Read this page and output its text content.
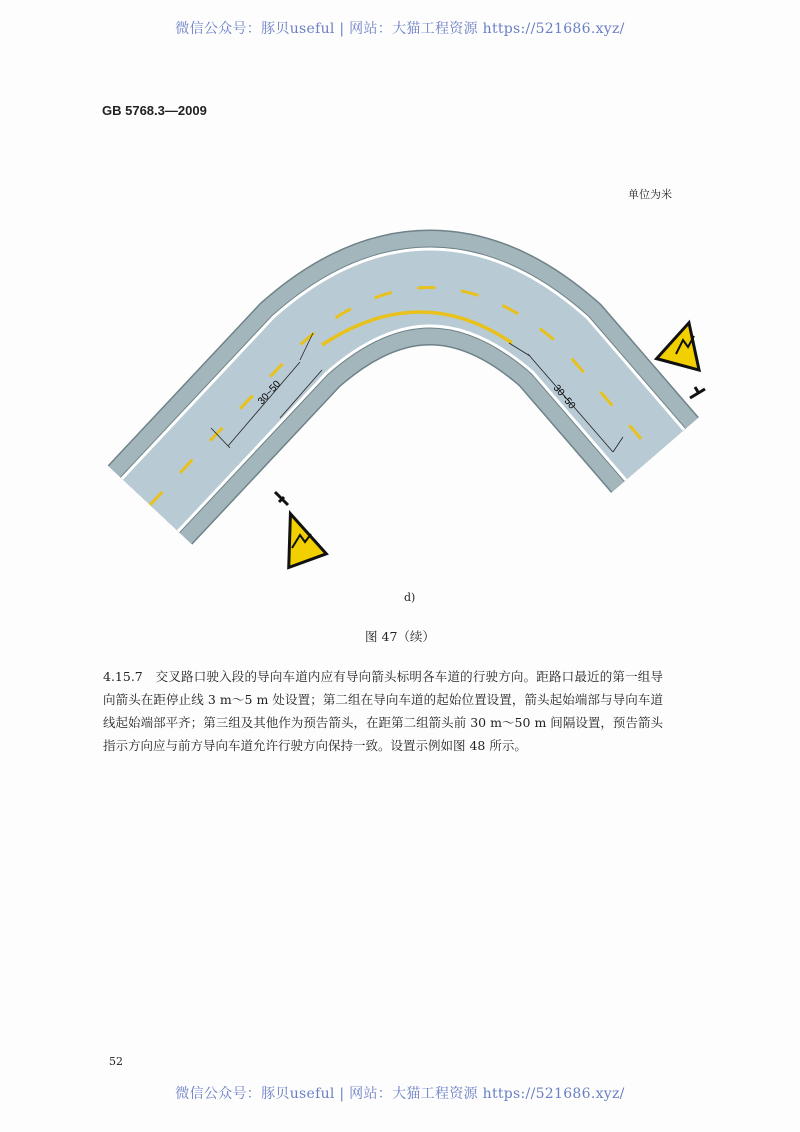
微信公众号：豚贝useful | 网站：大猫工程资源 https://521686.xyz/
GB 5768.3—2009
单位为米
30~50	30~50
d)
图 47（续）
4.15.7　交叉路口驶入段的导向车道内应有导向箭头标明各车道的行驶方向。距路口最近的第一组导向箭头在距停止线 3 m～5 m 处设置；第二组在导向车道的起始位置设置，箭头起始端部与导向车道线起始端部平齐；第三组及其他作为预告箭头，在距第二组箭头前 30 m～50 m 间隔设置，预告箭头指示方向应与前方导向车道允许行驶方向保持一致。设置示例如图 48 所示。
52
微信公众号：豚贝useful | 网站：大猫工程资源 https://521686.xyz/
